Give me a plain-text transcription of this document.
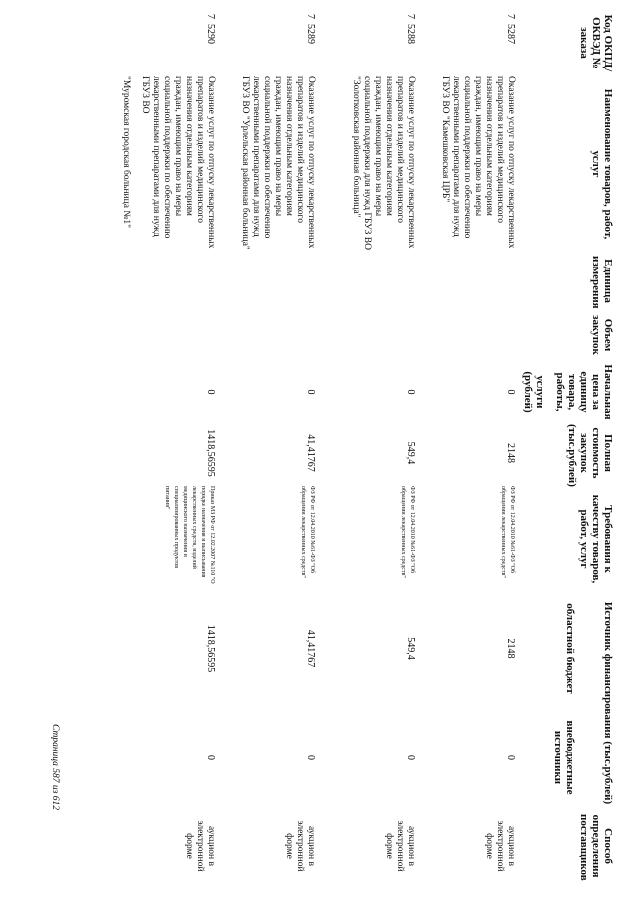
Код ОКПД/ ОКВЭД № заказа	Наименование товаров, работ, услуг	Единица измерения	Объем закупок	Начальная цена за единицу товара, работы,
услуги (рублей)	Полная стоимость закупок (тыс.рублей)	Требования к качеству товаров, работ, услуг	Источник финансирования (тыс.рублей)		Способ определения поставщиков
							областной бюджет	внебюджетные источники	
7  5287	Оказание услуг по отпуску лекарственных препаратов и изделий медицинского назначения отдельным категориям граждан, имеющим право на меры социальной поддержки по обеспечению лекарственными препаратами для нужд ГБУЗ ВО "Камешковская ЦРБ"			0	2148	ФЗ РФ от 12.04.2010 №61-ФЗ "Об обращении лекарственных средств"	2148	0	аукцион в электронной форме
7  5288	Оказание услуг по отпуску лекарственных препаратов и изделий медицинского назначения отдельным категориям граждан, имеющим право на меры социальной поддержки для нужд ГБУЗ ВО "Золотковская районная больница"			0	549,4	ФЗ РФ от 12.04.2010 №61-ФЗ "Об обращении лекарственных средств"	549,4	0	аукцион в электронной форме
7  5289	Оказание услуг по отпуску лекарственных препаратов и изделий медицинского назначения отдельным категориям граждан, имеющим право на меры социальной поддержки по обеспечению лекарственными препаратами для нужд ГБУЗ ВО "Урлельская районная больница"			0	41,41767	ФЗ РФ от 12.04.2010 №61-ФЗ "Об обращении лекарственных средств"	41,41767	0	аукцион в электронной форме
7  5290	Оказание услуг по отпуску лекарственных препаратов и изделий медицинского назначения отдельным категориям граждан, имеющим право на меры социальной поддержки по обеспечению лекарственными препаратами для нужд ГБУЗ ВО
"Муромская городская больница №1"			0	1418,56595	Приказ МЗ РФ от 12.02.2007 №110 "О порядке назначения и выписывания лекарственных средств, изделий медицинского назначения и специализированных продуктов питания"	1418,56595	0	аукцион в электронной форме
Страница 587 из 612
